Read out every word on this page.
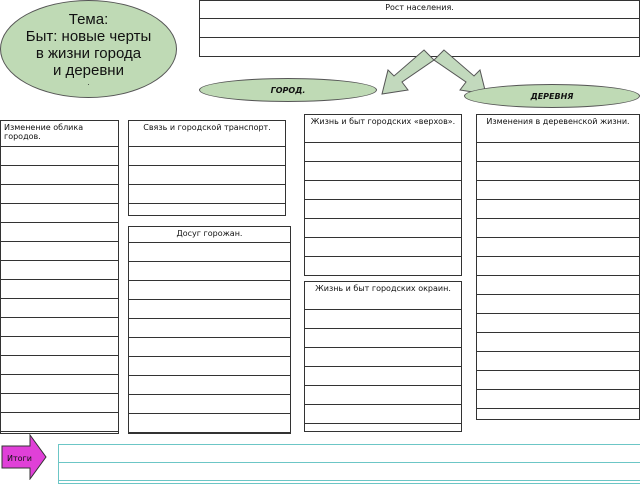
Тема:
Быт: новые черты
в жизни города
и деревни
.
Рост населения.
ГОРОД.
ДЕРЕВНЯ
Изменение облика городов.
Связь и городской транспорт.
Досуг горожан.
Жизнь и быт городских «верхов».
Жизнь и быт городских окраин.
Изменения в деревенской жизни.
Итоги
